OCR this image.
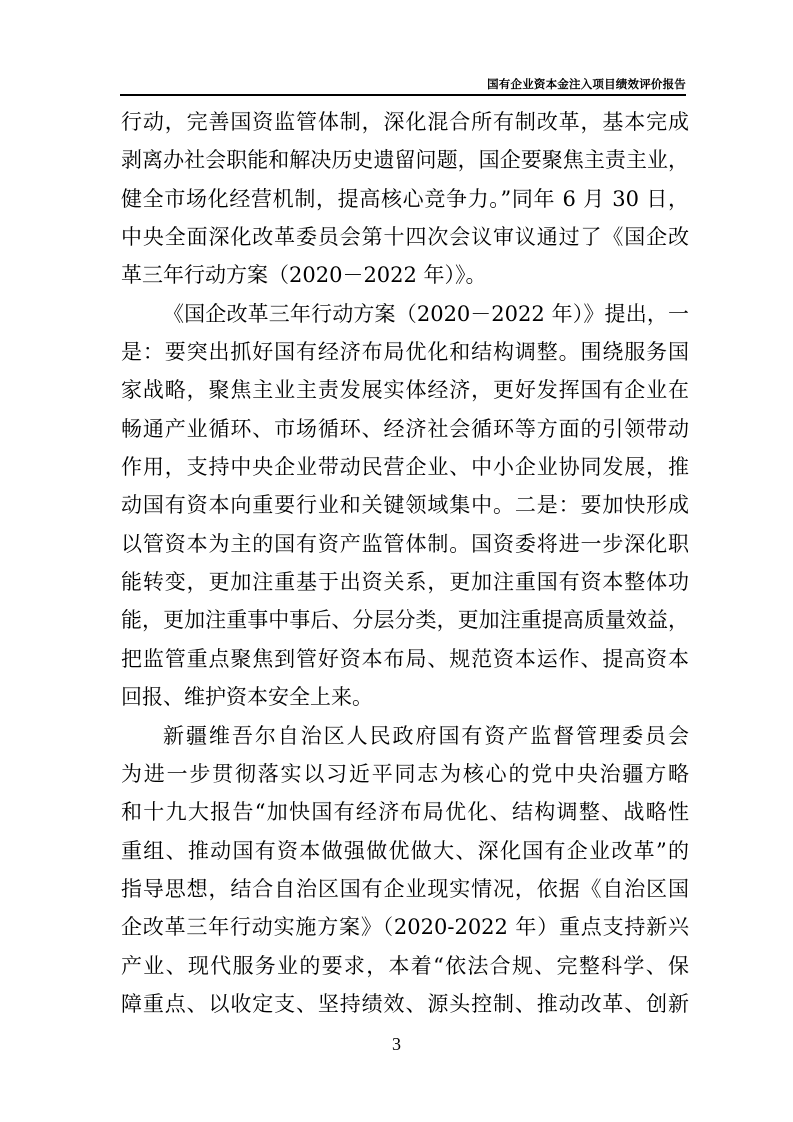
国有企业资本金注入项目绩效评价报告
行动，完善国资监管体制，深化混合所有制改革，基本完成
剥离办社会职能和解决历史遗留问题，国企要聚焦主责主业，
健全市场化经营机制，提高核心竞争力。”同年 6 月 30 日，
中央全面深化改革委员会第十四次会议审议通过了《国企改
革三年行动方案（2020－2022 年）》。
《国企改革三年行动方案（2020－2022 年）》提出，一
是：要突出抓好国有经济布局优化和结构调整。围绕服务国
家战略，聚焦主业主责发展实体经济，更好发挥国有企业在
畅通产业循环、市场循环、经济社会循环等方面的引领带动
作用，支持中央企业带动民营企业、中小企业协同发展，推
动国有资本向重要行业和关键领域集中。二是：要加快形成
以管资本为主的国有资产监管体制。国资委将进一步深化职
能转变，更加注重基于出资关系，更加注重国有资本整体功
能，更加注重事中事后、分层分类，更加注重提高质量效益，
把监管重点聚焦到管好资本布局、规范资本运作、提高资本
回报、维护资本安全上来。
新疆维吾尔自治区人民政府国有资产监督管理委员会
为进一步贯彻落实以习近平同志为核心的党中央治疆方略
和十九大报告“加快国有经济布局优化、结构调整、战略性
重组、推动国有资本做强做优做大、深化国有企业改革”的
指导思想，结合自治区国有企业现实情况，依据《自治区国
企改革三年行动实施方案》（2020-2022 年）重点支持新兴
产业、现代服务业的要求，本着“依法合规、完整科学、保
障重点、以收定支、坚持绩效、源头控制、推动改革、创新
3
